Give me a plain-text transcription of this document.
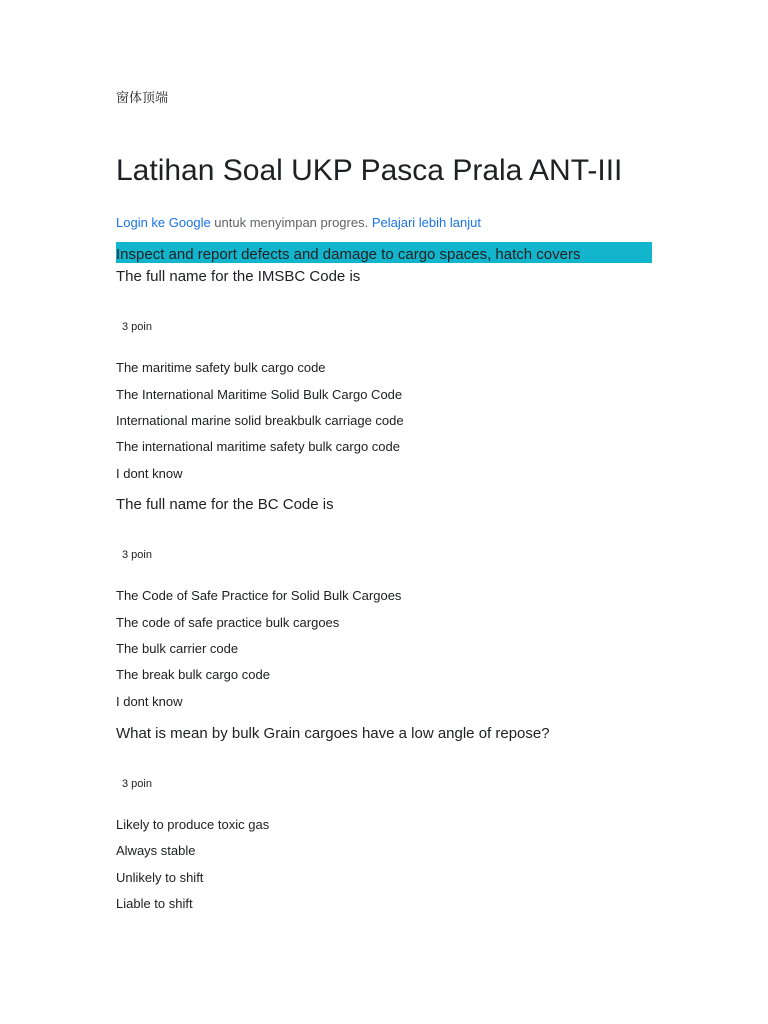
窗体顶端
Latihan Soal UKP Pasca Prala ANT-III
Login ke Google untuk menyimpan progres. Pelajari lebih lanjut
Inspect and report defects and damage to cargo spaces, hatch covers
The full name for the IMSBC Code is
3 poin
The maritime safety bulk cargo code
The International Maritime Solid Bulk Cargo Code
International marine solid breakbulk carriage code
The international maritime safety bulk cargo code
I dont know
The full name for the BC Code is
3 poin
The Code of Safe Practice for Solid Bulk Cargoes
The code of safe practice bulk cargoes
The bulk carrier code
The break bulk cargo code
I dont know
What is mean by bulk Grain cargoes have a low angle of repose?
3 poin
Likely to produce toxic gas
Always stable
Unlikely to shift
Liable to shift
